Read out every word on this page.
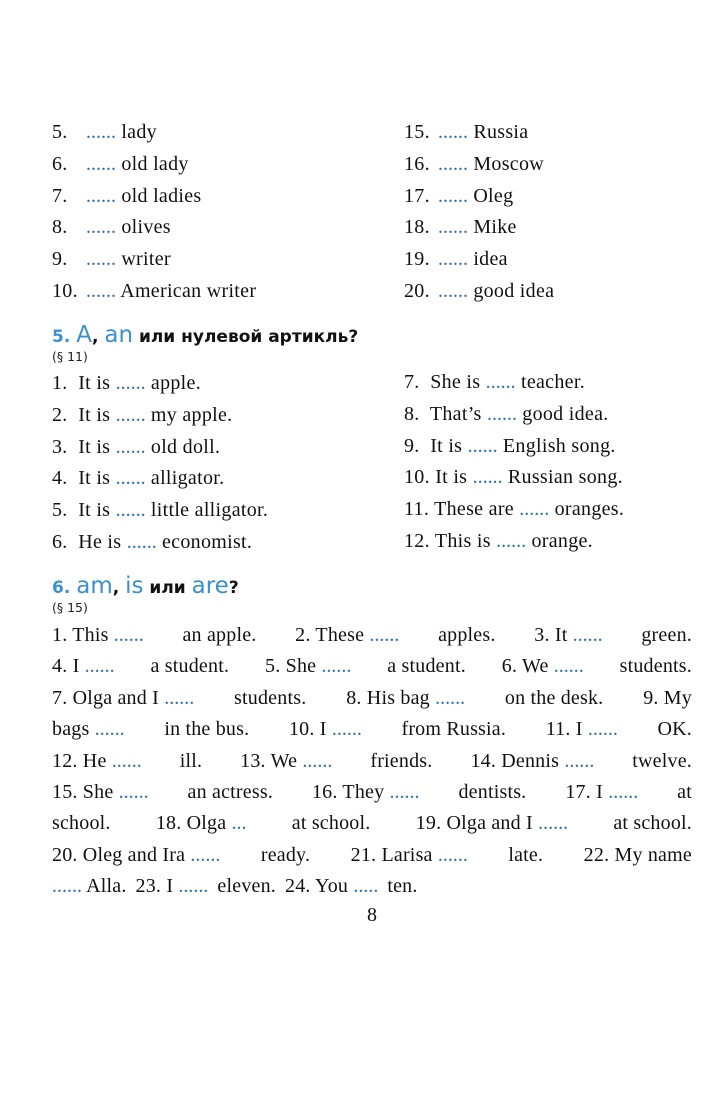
5. ...... lady
6. ...... old lady
7. ...... old ladies
8. ...... olives
9. ...... writer
10. ...... American writer
15. ...... Russia
16. ...... Moscow
17. ...... Oleg
18. ...... Mike
19. ...... idea
20. ...... good idea
5. A, an или нулевой артикль?
(§ 11)
1.  It is ...... apple.
2.  It is ...... my apple.
3.  It is ...... old doll.
4.  It is ...... alligator.
5.  It is ...... little alligator.
6.  He is ...... economist.
7.  She is ...... teacher.
8.  That’s ...... good idea.
9.  It is ...... English song.
10. It is ...... Russian song.
11. These are ...... oranges.
12. This is ...... orange.
6. am, is или are?
(§ 15)
1. This ...... an apple. 2. These ...... apples. 3. It ...... green.
4. I ...... a student. 5. She ...... a student. 6. We ...... students.
7. Olga and I ...... students. 8. His bag ...... on the desk. 9. My
bags ...... in the bus. 10. I ...... from Russia. 11. I ...... OK.
12. He ...... ill. 13. We ...... friends. 14. Dennis ...... twelve.
15. She ...... an actress. 16. They ...... dentists. 17. I ...... at
school. 18. Olga ... at school. 19. Olga and I ...... at school.
20. Oleg and Ira ...... ready. 21. Larisa ...... late. 22. My name
...... Alla. 23. I ...... eleven. 24. You ..... ten.
8
